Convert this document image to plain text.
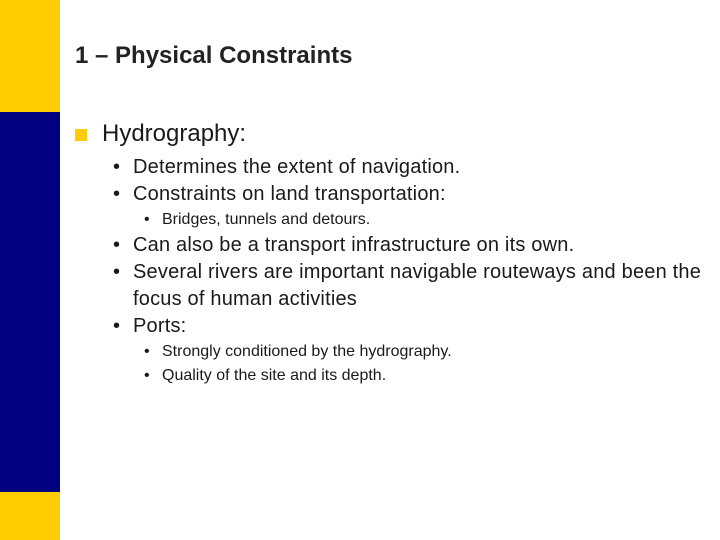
1 – Physical Constraints
Hydrography:
• Determines the extent of navigation.
• Constraints on land transportation:
• Bridges, tunnels and detours.
• Can also be a transport infrastructure on its own.
• Several rivers are important navigable routeways and been the focus of human activities
• Ports:
• Strongly conditioned by the hydrography.
• Quality of the site and its depth.
